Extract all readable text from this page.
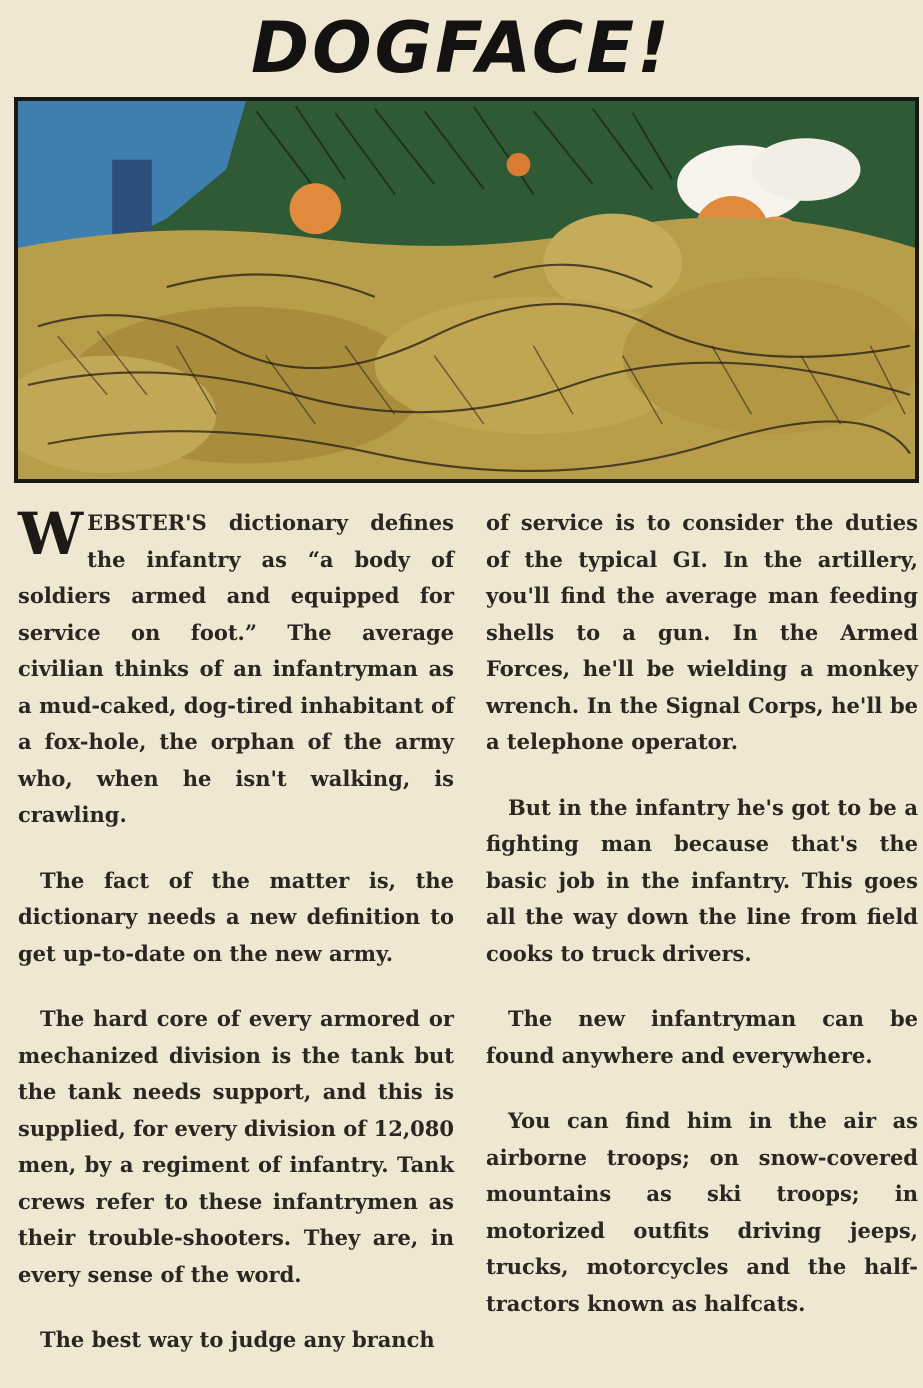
DOGFACE!

WEBSTER'S dictionary defines the infantry as “a body of soldiers armed and equipped for service on foot.” The average civilian thinks of an infantryman as a mud-caked, dog-tired inhabitant of a fox-hole, the orphan of the army who, when he isn't walking, is crawling.

The fact of the matter is, the dictionary needs a new definition to get up-to-date on the new army.

The hard core of every armored or mechanized division is the tank but the tank needs support, and this is supplied, for every division of 12,080 men, by a regiment of infantry. Tank crews refer to these infantrymen as their trouble-shooters. They are, in every sense of the word.

The best way to judge any branch

of service is to consider the duties of the typical GI. In the artillery, you'll find the average man feeding shells to a gun. In the Armed Forces, he'll be wielding a monkey wrench. In the Signal Corps, he'll be a telephone operator.

But in the infantry he's got to be a fighting man because that's the basic job in the infantry. This goes all the way down the line from field cooks to truck drivers.

The new infantryman can be found anywhere and everywhere.

You can find him in the air as airborne troops; on snow-covered mountains as ski troops; in motorized outfits driving jeeps, trucks, motorcycles and the half-tractors known as halfcats.
